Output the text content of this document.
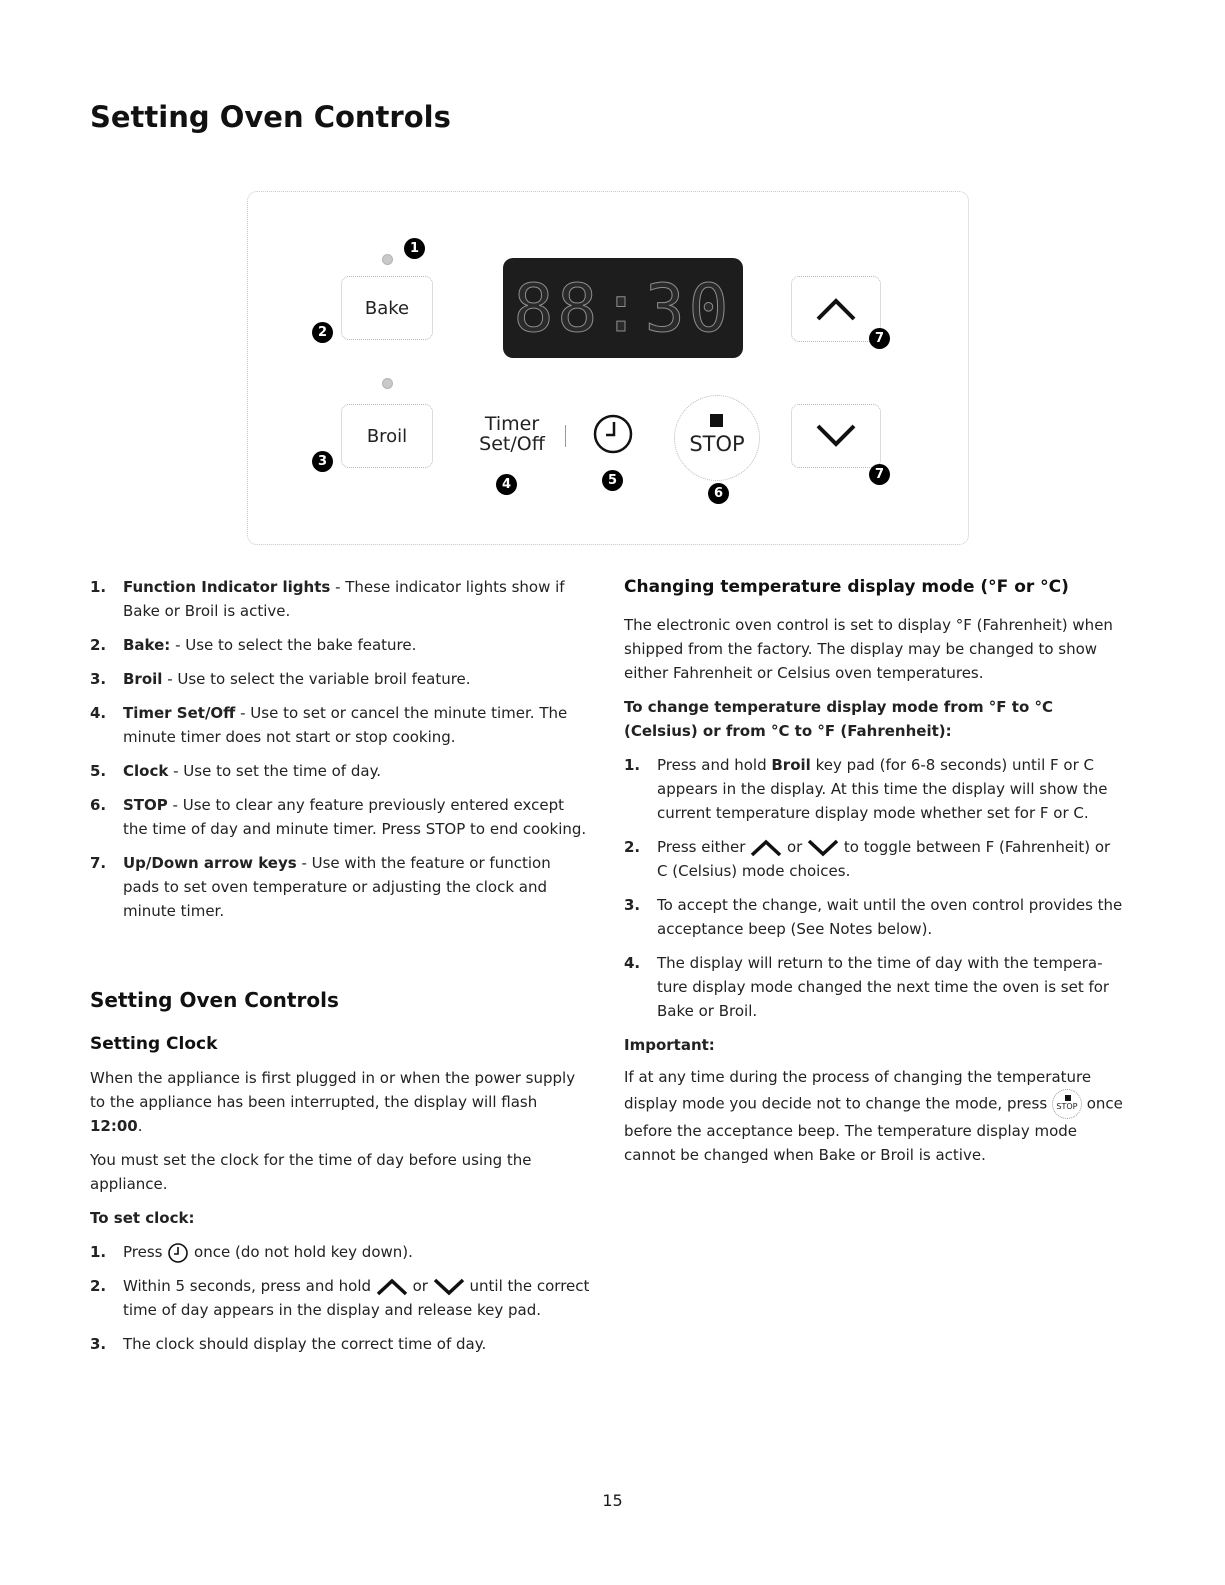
Setting Oven Controls
1
Bake
2	88:30	7
Broil
3
Timer
Set/Off
4	5
STOP
6
7
1. Function Indicator lights - These indicator lights show if Bake or Broil is active.
2. Bake: - Use to select the bake feature.
3. Broil - Use to select the variable broil feature.
4. Timer Set/Off - Use to set or cancel the minute timer. The minute timer does not start or stop cooking.
5. Clock - Use to set the time of day.
6. STOP - Use to clear any feature previously entered except the time of day and minute timer. Press STOP to end cooking.
7. Up/Down arrow keys - Use with the feature or function pads to set oven temperature or adjusting the clock and minute timer.
Setting Oven Controls
Setting Clock

When the appliance is first plugged in or when the power supply to the appliance has been interrupted, the display will flash 12:00.

You must set the clock for the time of day before using the appliance.

To set clock:

1. Press once (do not hold key down).
2. Within 5 seconds, press and hold	or	until the correct time of day appears in the display and release key pad.
3. The clock should display the correct time of day.
Changing temperature display mode (°F or °C)

The electronic oven control is set to display °F (Fahrenheit) when shipped from the factory. The display may be changed to show either Fahrenheit or Celsius oven temperatures.

To change temperature display mode from °F to °C (Celsius) or from °C to °F (Fahrenheit):

1. Press and hold Broil key pad (for 6-8 seconds) until F or C appears in the display. At this time the display will show the current temperature display mode whether set for F or C.
2. Press either	or	to toggle between F (Fahrenheit) or C (Celsius) mode choices.
3. To accept the change, wait until the oven control provides the acceptance beep (See Notes below).
4. The display will return to the time of day with the tempera-ture display mode changed the next time the oven is set for Bake or Broil.

Important:

If at any time during the process of changing the temperature display mode you decide not to change the mode, press	STOP once before the acceptance beep. The temperature display mode cannot be changed when Bake or Broil is active.

15
